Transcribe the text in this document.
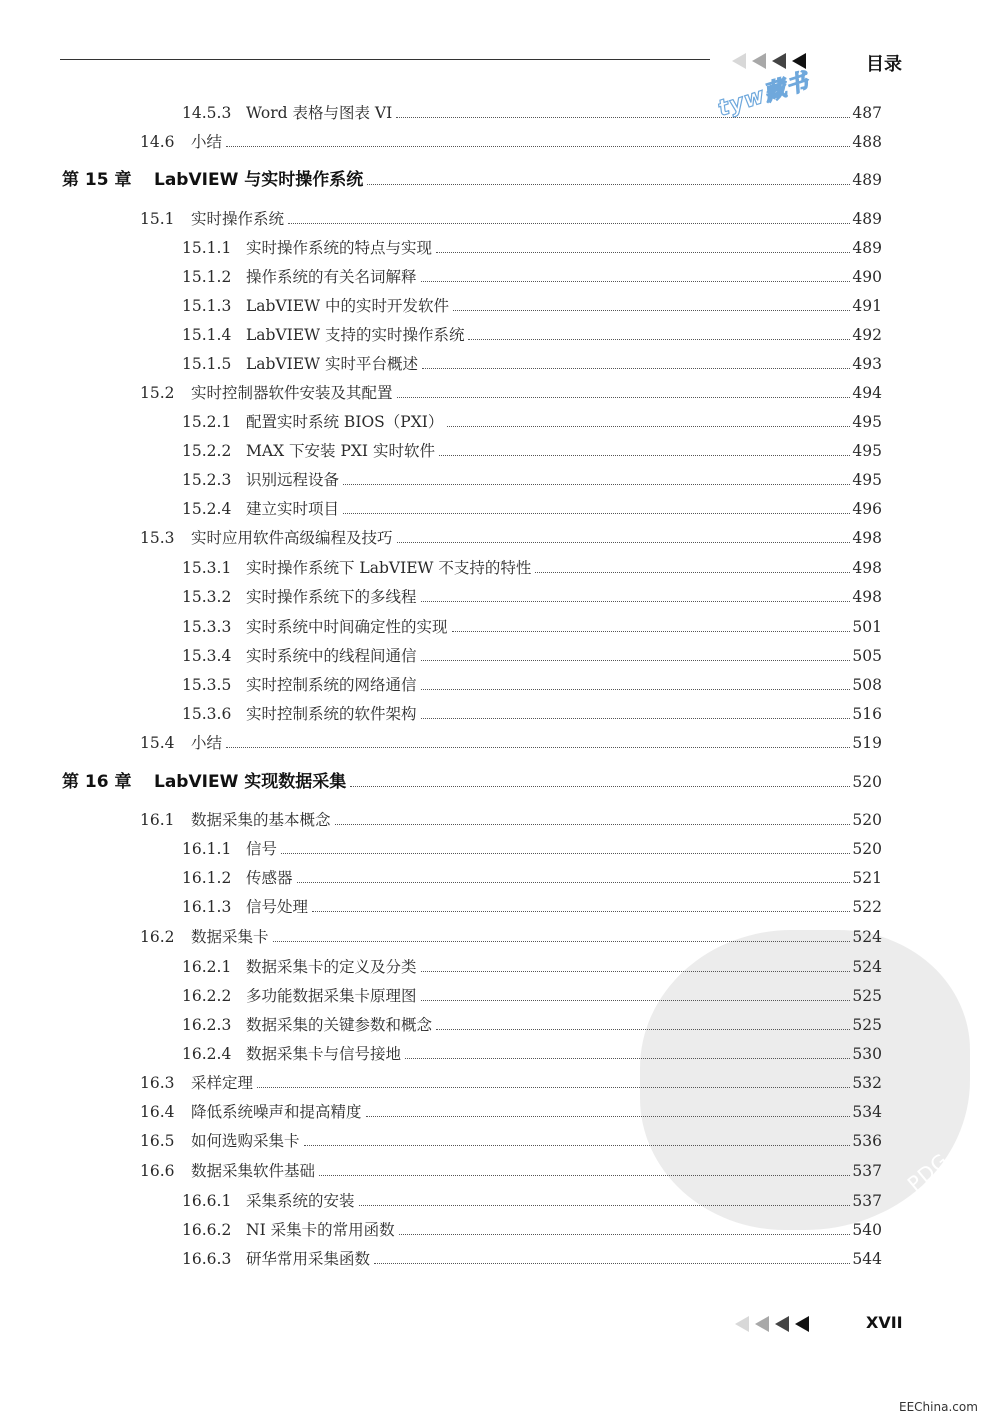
目录
tyw藏书
PDG
14.5.3 Word 表格与图表 VI	487
14.6	小结	488
第 15 章	LabVIEW 与实时操作系统	489
15.1	实时操作系统	489
15.1.1 实时操作系统的特点与实现	489
15.1.2 操作系统的有关名词解释	490
15.1.3 LabVIEW 中的实时开发软件	491
15.1.4 LabVIEW 支持的实时操作系统	492
15.1.5 LabVIEW 实时平台概述	493
15.2	实时控制器软件安装及其配置	494
15.2.1 配置实时系统 BIOS（PXI）	495
15.2.2 MAX 下安装 PXI 实时软件	495
15.2.3 识别远程设备	495
15.2.4 建立实时项目	496
15.3	实时应用软件高级编程及技巧	498
15.3.1 实时操作系统下 LabVIEW 不支持的特性	498
15.3.2 实时操作系统下的多线程	498
15.3.3 实时系统中时间确定性的实现	501
15.3.4 实时系统中的线程间通信	505
15.3.5 实时控制系统的网络通信	508
15.3.6 实时控制系统的软件架构	516
15.4	小结	519
第 16 章	LabVIEW 实现数据采集	520
16.1	数据采集的基本概念	520
16.1.1 信号	520
16.1.2 传感器	521
16.1.3 信号处理	522
16.2	数据采集卡	524
16.2.1 数据采集卡的定义及分类	524
16.2.2 多功能数据采集卡原理图	525
16.2.3 数据采集的关键参数和概念	525
16.2.4 数据采集卡与信号接地	530
16.3	采样定理	532
16.4	降低系统噪声和提高精度	534
16.5	如何选购采集卡	536
16.6	数据采集软件基础	537
16.6.1 采集系统的安装	537
16.6.2 NI 采集卡的常用函数	540
16.6.3 研华常用采集函数	544
XVII
EEChina.com
